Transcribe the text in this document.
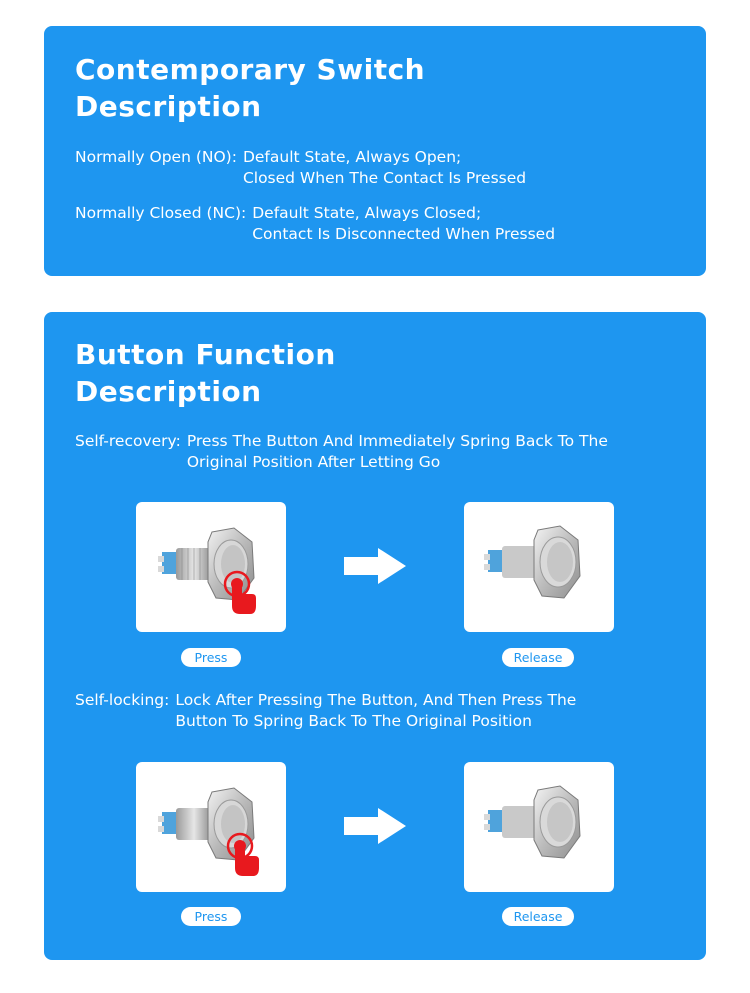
Contemporary Switch
Description
Normally Open (NO): Default State, Always Open;
Closed When The Contact Is Pressed
Normally Closed (NC): Default State, Always Closed;
Contact Is Disconnected When Pressed
Button Function
Description
Self-recovery: Press The Button And Immediately Spring Back To The
Original Position After Letting Go
Press	Release
Self-locking: Lock After Pressing The Button, And Then Press The
Button To Spring Back To The Original Position
Press	Release
